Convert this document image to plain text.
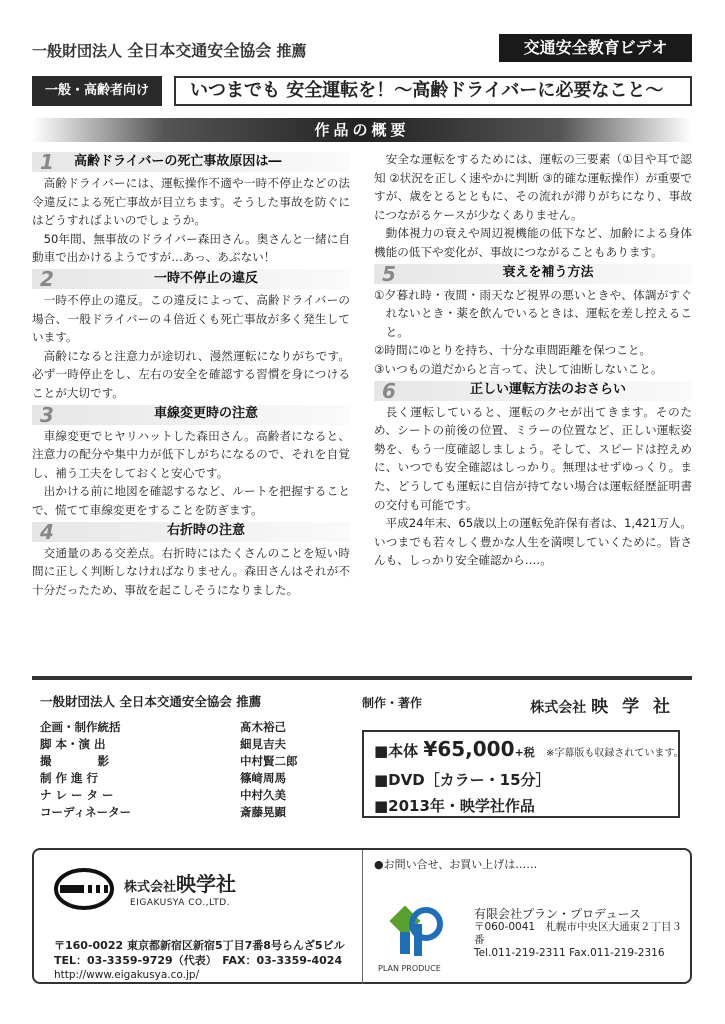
一般財団法人 全日本交通安全協会 推薦	交通安全教育ビデオ
一般・高齢者向け	いつまでも 安全運転を！～高齢ドライバーに必要なこと～
作品の概要
1	高齢ドライバーの死亡事故原因は―

高齢ドライバーには、運転操作不適や一時不停止などの法令違反による死亡事故が目立ちます。そうした事故を防ぐにはどうすればよいのでしょうか。

50年間、無事故のドライバー森田さん。奥さんと一緒に自動車で出かけるようですが…あっ、あぶない！

2	一時不停止の違反

一時不停止の違反。この違反によって、高齢ドライバーの場合、一般ドライバーの４倍近くも死亡事故が多く発生しています。

高齢になると注意力が途切れ、漫然運転になりがちです。必ず一時停止をし、左右の安全を確認する習慣を身につけることが大切です。

3	車線変更時の注意

車線変更でヒヤリハットした森田さん。高齢者になると、注意力の配分や集中力が低下しがちになるので、それを自覚し、補う工夫をしておくと安心です。

出かける前に地図を確認するなど、ルートを把握することで、慌てて車線変更をすることを防ぎます。

4	右折時の注意

交通量のある交差点。右折時にはたくさんのことを短い時間に正しく判断しなければなりません。森田さんはそれが不十分だったため、事故を起こしそうになりました。

安全な運転をするためには、運転の三要素（①目や耳で認知 ②状況を正しく速やかに判断 ③的確な運転操作）が重要ですが、歳をとるとともに、その流れが滞りがちになり、事故につながるケースが少なくありません。

動体視力の衰えや周辺視機能の低下など、加齢による身体機能の低下や変化が、事故につながることもあります。

5	衰えを補う方法

①夕暮れ時・夜間・雨天など視界の悪いときや、体調がすぐれないとき・薬を飲んでいるときは、運転を差し控えること。

②時間にゆとりを持ち、十分な車間距離を保つこと。

③いつもの道だからと言って、決して油断しないこと。

6	正しい運転方法のおさらい

長く運転していると、運転のクセが出てきます。そのため、シートの前後の位置、ミラーの位置など、正しい運転姿勢を、もう一度確認しましょう。そして、スピードは控えめに、いつでも安全確認はしっかり。無理はせずゆっくり。また、どうしても運転に自信が持てない場合は運転経歴証明書の交付も可能です。

平成24年末、65歳以上の運転免許保有者は、1,421万人。いつまでも若々しく豊かな人生を満喫していくために。皆さんも、しっかり安全確認から‥‥。

一般財団法人 全日本交通安全協会 推薦
企画・制作統括	髙木裕己
脚 本・演 出	細見吉夫
撮　　　　影	中村賢二郎
制 作 進 行	篠﨑周馬
ナ レ ー タ ー	中村久美
コーディネーター	斎藤晃顕
制作・著作	株式会社 映 学 社
■本体 ¥65,000+税 ※字幕版も収録されています。
■DVD［カラー・15分］
■2013年・映学社作品
株式会社映学社
EIGAKUSYA CO.,LTD.
〒160-0022 東京都新宿区新宿5丁目7番8号らんざ5ビル
TEL：03-3359-9729（代表）　FAX：03-3359-4024
http://www.eigakusya.co.jp/
●お問い合せ、お買い上げは……
PLAN PRODUCE
有限会社プラン・プロデュース
〒060-0041　札幌市中央区大通東２丁目３番
Tel.011-219-2311 Fax.011-219-2316
